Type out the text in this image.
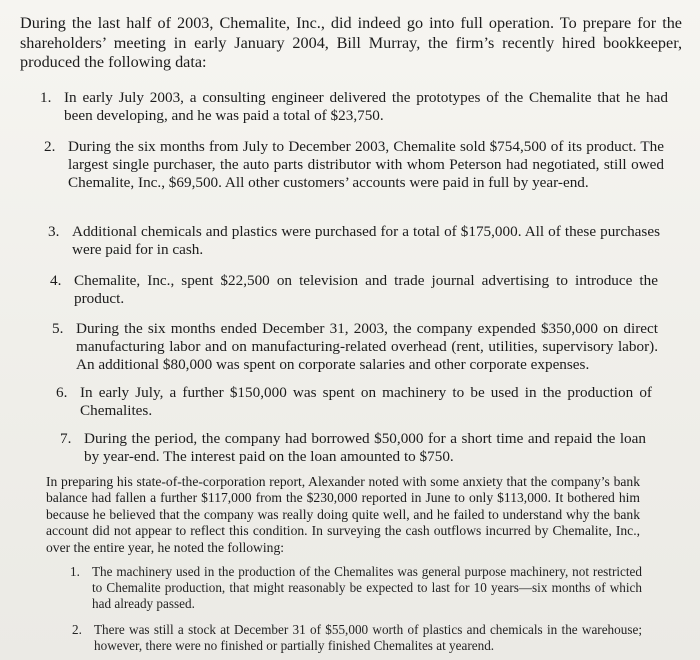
During the last half of 2003, Chemalite, Inc., did indeed go into full operation. To prepare for the shareholders’ meeting in early January 2004, Bill Murray, the firm’s recently hired bookkeeper, produced the following data:

1. In early July 2003, a consulting engineer delivered the prototypes of the Chemalite that he had been developing, and he was paid a total of $23,750.
2. During the six months from July to December 2003, Chemalite sold $754,500 of its product. The largest single purchaser, the auto parts distributor with whom Peterson had negotiated, still owed Chemalite, Inc., $69,500. All other customers’ accounts were paid in full by year-end.
3. Additional chemicals and plastics were purchased for a total of $175,000. All of these purchases were paid for in cash.
4. Chemalite, Inc., spent $22,500 on television and trade journal advertising to introduce the product.
5. During the six months ended December 31, 2003, the company expended $350,000 on direct manufacturing labor and on manufacturing-related overhead (rent, utilities, supervisory labor). An additional $80,000 was spent on corporate salaries and other corporate expenses.
6. In early July, a further $150,000 was spent on machinery to be used in the production of Chemalites.
7. During the period, the company had borrowed $50,000 for a short time and repaid the loan by year-end. The interest paid on the loan amounted to $750.

In preparing his state-of-the-corporation report, Alexander noted with some anxiety that the company’s bank balance had fallen a further $117,000 from the $230,000 reported in June to only $113,000. It bothered him because he believed that the company was really doing quite well, and he failed to understand why the bank account did not appear to reflect this condition. In surveying the cash outflows incurred by Chemalite, Inc., over the entire year, he noted the following:

1. The machinery used in the production of the Chemalites was general purpose machinery, not restricted to Chemalite production, that might reasonably be expected to last for 10 years—six months of which had already passed.
2. There was still a stock at December 31 of $55,000 worth of plastics and chemicals in the warehouse; however, there were no finished or partially finished Chemalites at yearend.
